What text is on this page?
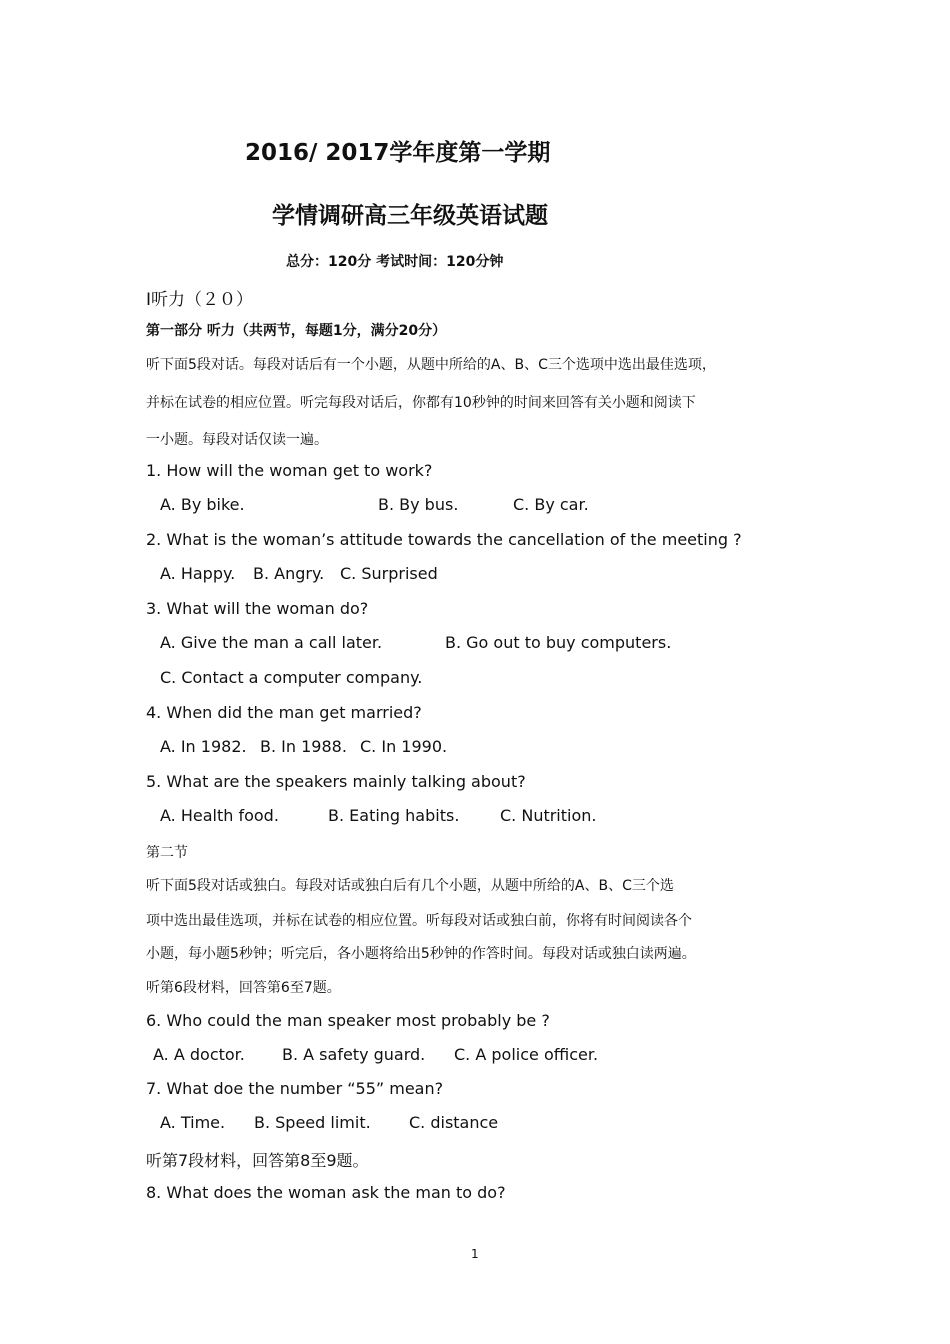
2016/ 2017学年度第一学期
学情调研高三年级英语试题
总分：120分 考试时间：120分钟
Ⅰ听力（２０）
第一部分 听力（共两节，每题1分，满分20分）
听下面5段对话。每段对话后有一个小题，从题中所给的A、B、C三个选项中选出最佳选项，
并标在试卷的相应位置。听完每段对话后，你都有10秒钟的时间来回答有关小题和阅读下
一小题。每段对话仅读一遍。
1. How will the woman get to work?
A. By bike.	B. By bus.	C. By car.
2. What is the woman’s attitude towards the cancellation of the meeting ?
A. Happy. B. Angry. C. Surprised
3. What will the woman do?
A. Give the man a call later.	B. Go out to buy computers.
C. Contact a computer company.
4. When did the man get married?
A. In 1982. B. In 1988. C. In 1990.
5. What are the speakers mainly talking about?
A. Health food.	B. Eating habits.	C. Nutrition.
第二节
听下面5段对话或独白。每段对话或独白后有几个小题，从题中所给的A、B、C三个选
项中选出最佳选项，并标在试卷的相应位置。听每段对话或独白前，你将有时间阅读各个
小题，每小题5秒钟；听完后，各小题将给出5秒钟的作答时间。每段对话或独白读两遍。
听第6段材料，回答第6至7题。
6. Who could the man speaker most probably be ?
A. A doctor. B. A safety guard. C. A police officer.
7. What doe the number “55” mean?
A. Time. B. Speed limit. C. distance
听第7段材料，回答第8至9题。
8. What does the woman ask the man to do?
1
